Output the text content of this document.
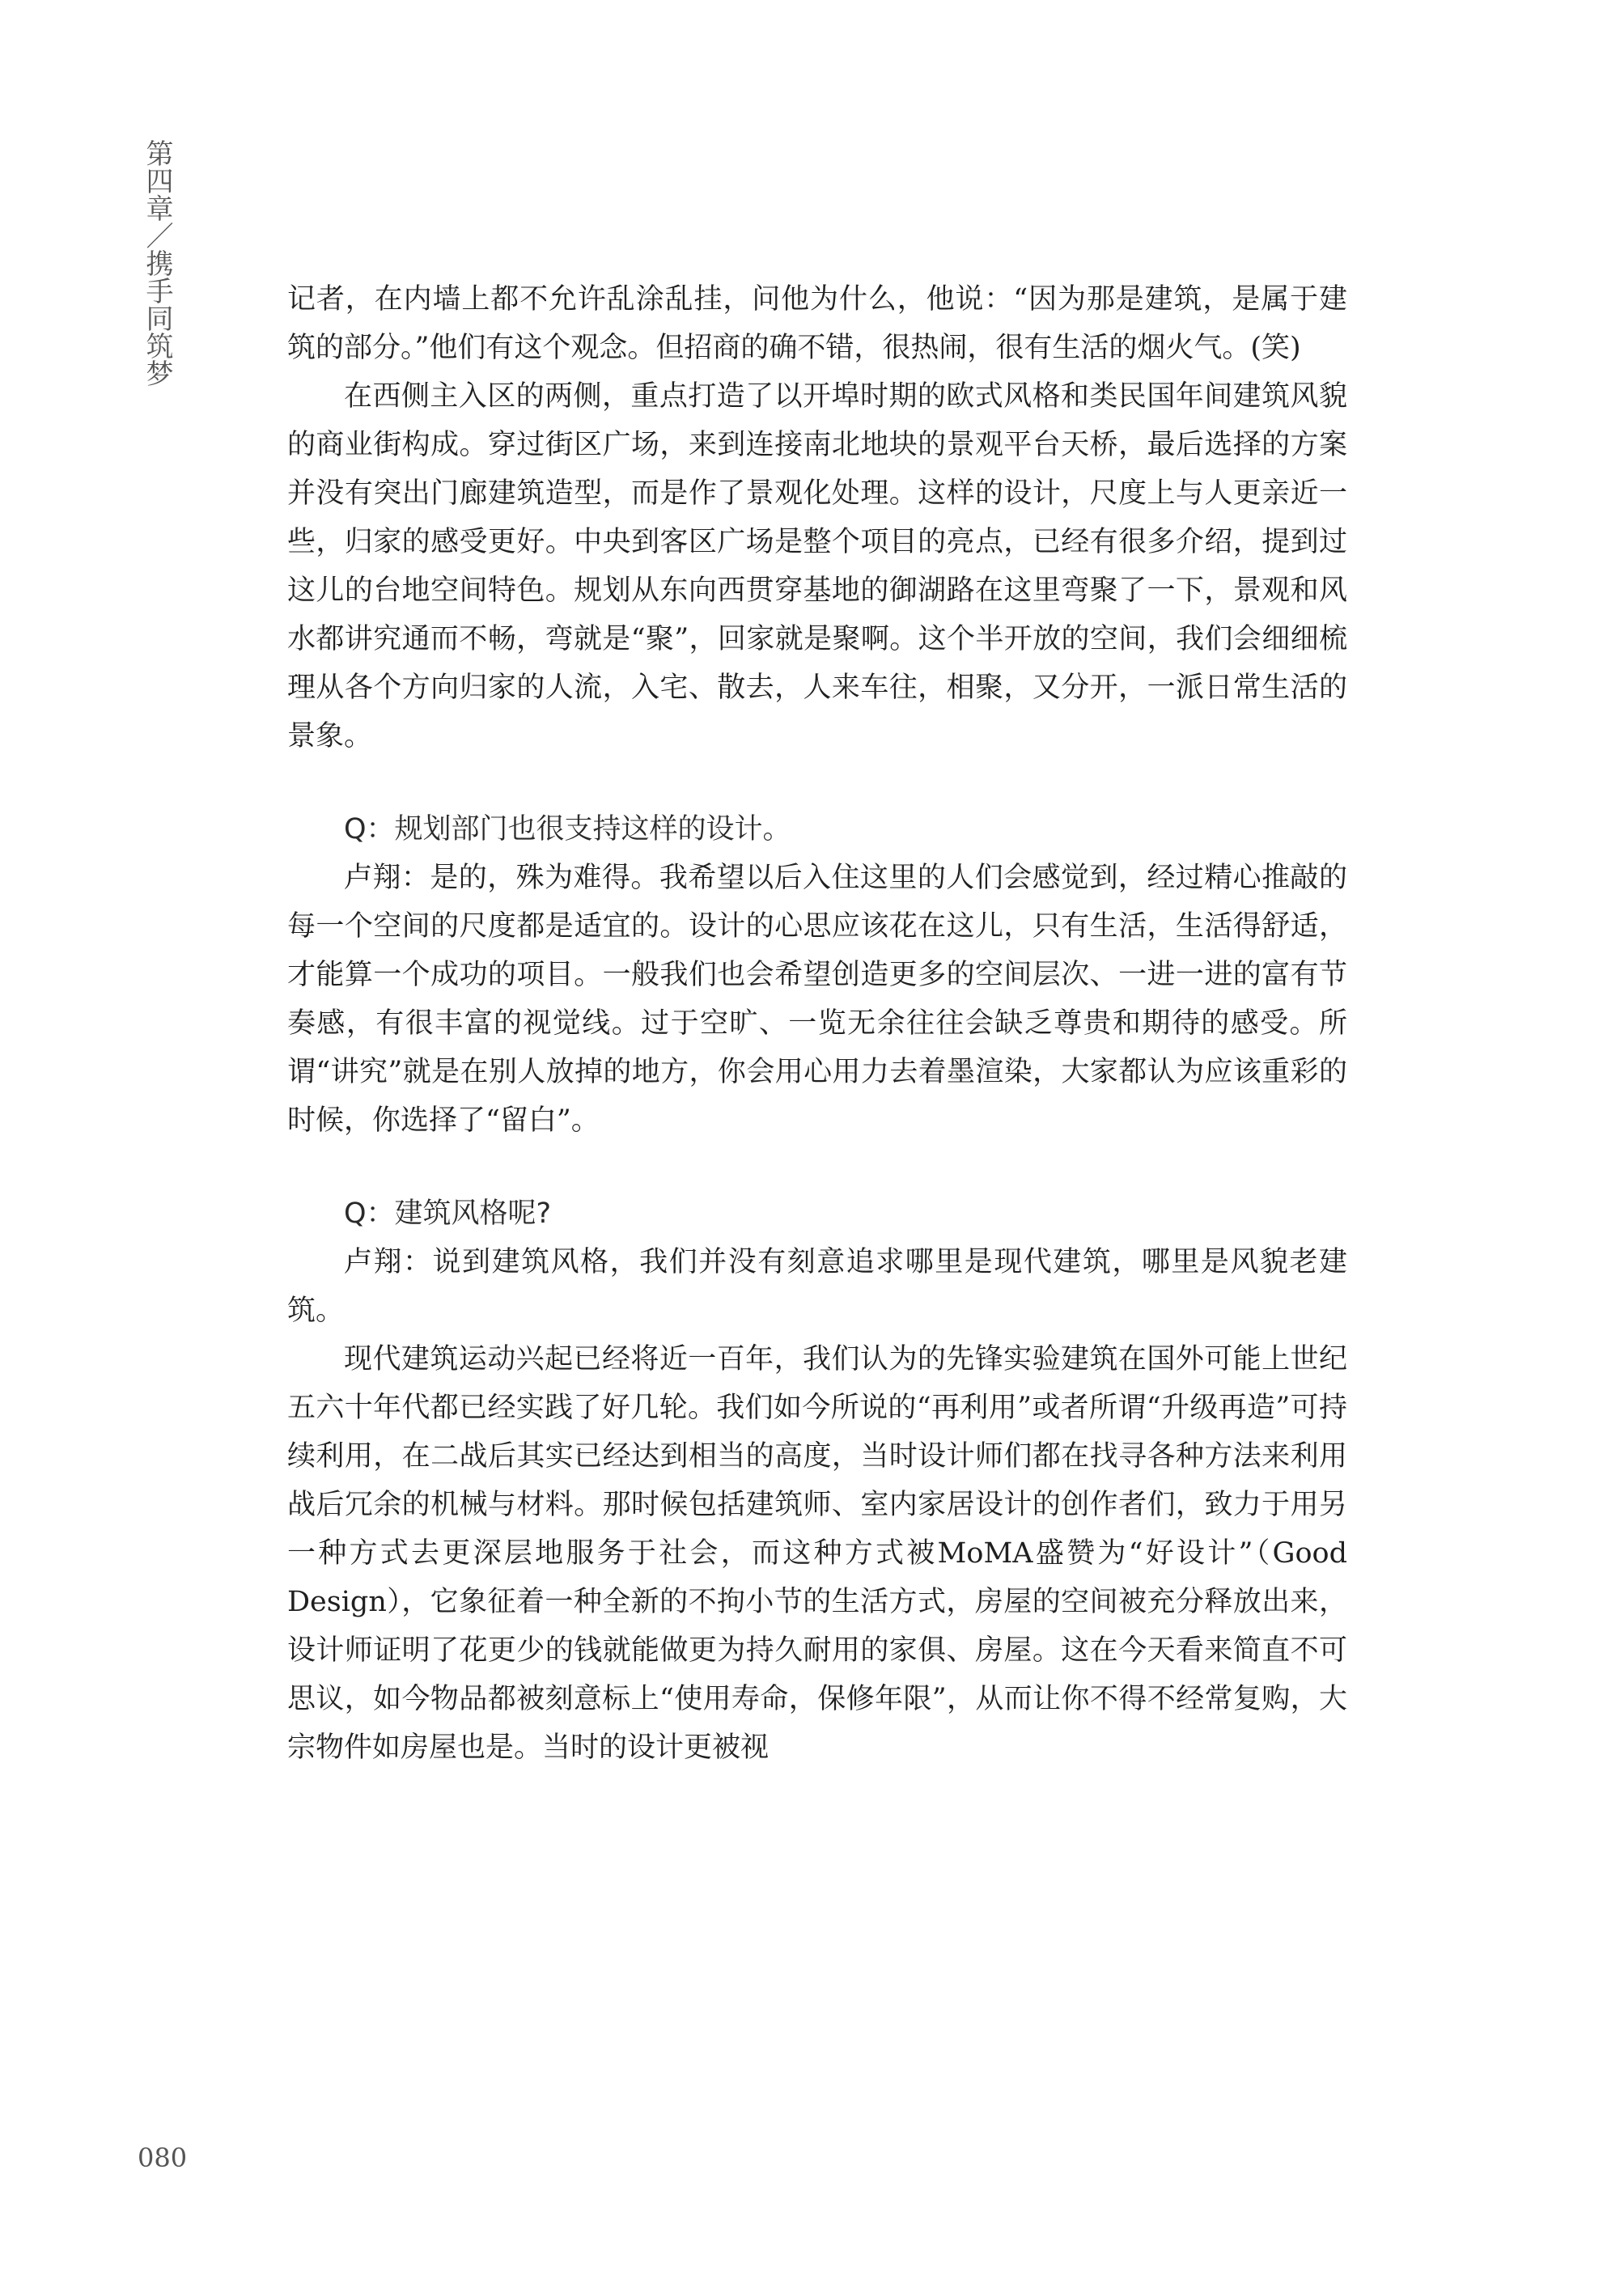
第四章／携手同筑梦	记者，在内墙上都不允许乱涂乱挂，问他为什么，他说：“因为那是建筑，是属于建筑的部分。”他们有这个观念。但招商的确不错，很热闹，很有生活的烟火气。(笑)

在西侧主入区的两侧，重点打造了以开埠时期的欧式风格和类民国年间建筑风貌的商业街构成。穿过街区广场，来到连接南北地块的景观平台天桥，最后选择的方案并没有突出门廊建筑造型，而是作了景观化处理。这样的设计，尺度上与人更亲近一些，归家的感受更好。中央到客区广场是整个项目的亮点，已经有很多介绍，提到过这儿的台地空间特色。规划从东向西贯穿基地的御湖路在这里弯聚了一下，景观和风水都讲究通而不畅，弯就是“聚”，回家就是聚啊。这个半开放的空间，我们会细细梳理从各个方向归家的人流，入宅、散去，人来车往，相聚，又分开，一派日常生活的景象。

Q：规划部门也很支持这样的设计。

卢翔：是的，殊为难得。我希望以后入住这里的人们会感觉到，经过精心推敲的每一个空间的尺度都是适宜的。设计的心思应该花在这儿，只有生活，生活得舒适，才能算一个成功的项目。一般我们也会希望创造更多的空间层次、一进一进的富有节奏感，有很丰富的视觉线。过于空旷、一览无余往往会缺乏尊贵和期待的感受。所谓“讲究”就是在别人放掉的地方，你会用心用力去着墨渲染，大家都认为应该重彩的时候，你选择了“留白”。

Q：建筑风格呢?

卢翔：说到建筑风格，我们并没有刻意追求哪里是现代建筑，哪里是风貌老建筑。

现代建筑运动兴起已经将近一百年，我们认为的先锋实验建筑在国外可能上世纪五六十年代都已经实践了好几轮。我们如今所说的“再利用”或者所谓“升级再造”可持续利用，在二战后其实已经达到相当的高度，当时设计师们都在找寻各种方法来利用战后冗余的机械与材料。那时候包括建筑师、室内家居设计的创作者们，致力于用另一种方式去更深层地服务于社会，而这种方式被MoMA盛赞为“好设计”（Good Design），它象征着一种全新的不拘小节的生活方式，房屋的空间被充分释放出来，设计师证明了花更少的钱就能做更为持久耐用的家俱、房屋。这在今天看来简直不可思议，如今物品都被刻意标上“使用寿命，保修年限”，从而让你不得不经常复购，大宗物件如房屋也是。当时的设计更被视

080
